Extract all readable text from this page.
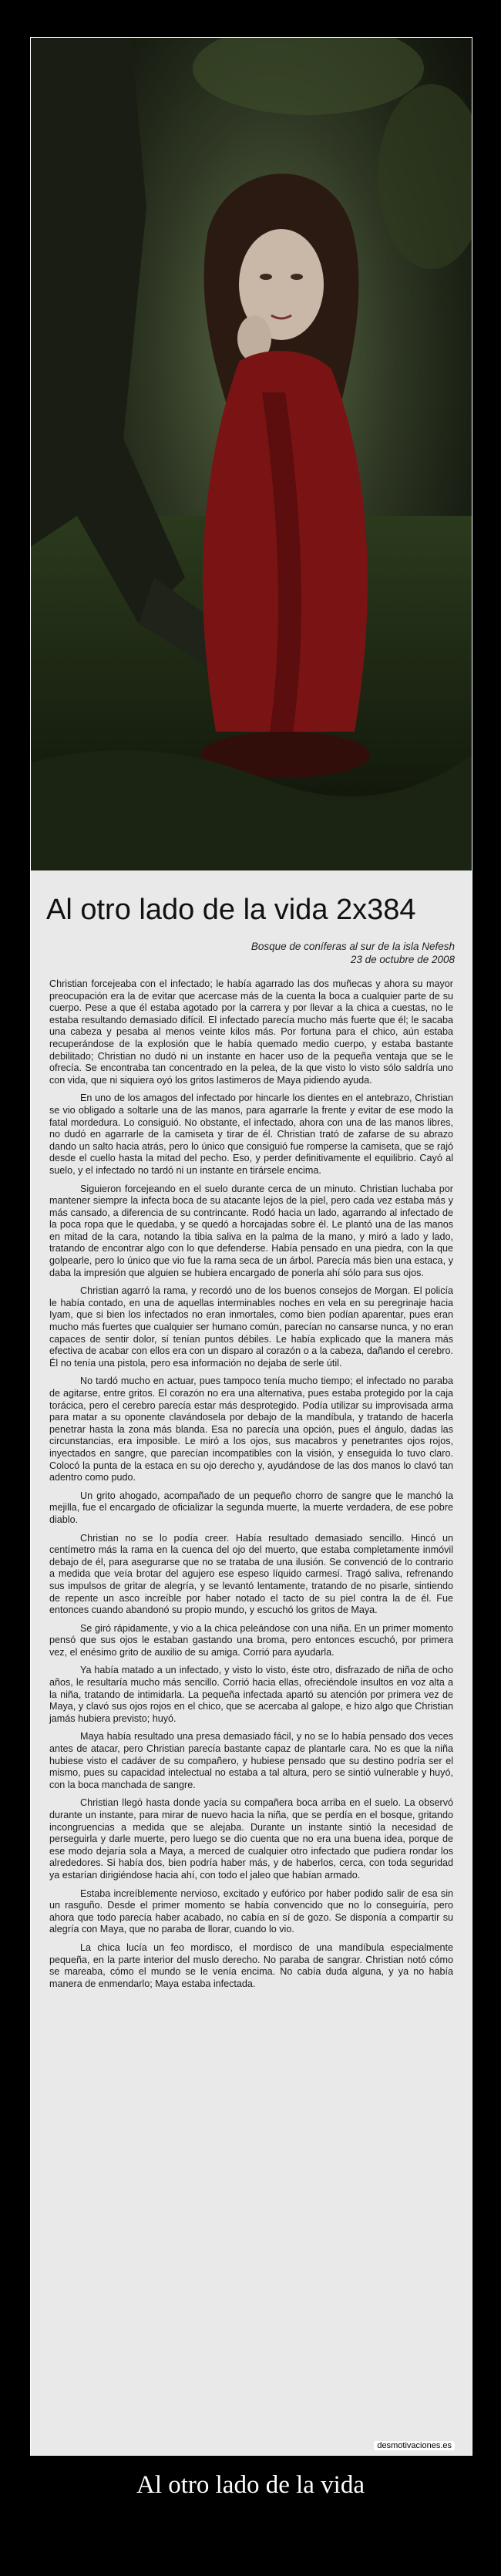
Al otro lado de la vida 2x384
Bosque de coníferas al sur de la isla Nefesh
23 de octubre de 2008

Christian forcejeaba con el infectado; le había agarrado las dos muñecas y ahora su mayor preocupación era la de evitar que acercase más de la cuenta la boca a cualquier parte de su cuerpo. Pese a que él estaba agotado por la carrera y por llevar a la chica a cuestas, no le estaba resultando demasiado difícil. El infectado parecía mucho más fuerte que él; le sacaba una cabeza y pesaba al menos veinte kilos más. Por fortuna para el chico, aún estaba recuperándose de la explosión que le había quemado medio cuerpo, y estaba bastante debilitado; Christian no dudó ni un instante en hacer uso de la pequeña ventaja que se le ofrecía. Se encontraba tan concentrado en la pelea, de la que visto lo visto sólo saldría uno con vida, que ni siquiera oyó los gritos lastimeros de Maya pidiendo ayuda.

En uno de los amagos del infectado por hincarle los dientes en el antebrazo, Christian se vio obligado a soltarle una de las manos, para agarrarle la frente y evitar de ese modo la fatal mordedura. Lo consiguió. No obstante, el infectado, ahora con una de las manos libres, no dudó en agarrarle de la camiseta y tirar de él. Christian trató de zafarse de su abrazo dando un salto hacia atrás, pero lo único que consiguió fue romperse la camiseta, que se rajó desde el cuello hasta la mitad del pecho. Eso, y perder definitivamente el equilibrio. Cayó al suelo, y el infectado no tardó ni un instante en tirársele encima.

Siguieron forcejeando en el suelo durante cerca de un minuto. Christian luchaba por mantener siempre la infecta boca de su atacante lejos de la piel, pero cada vez estaba más y más cansado, a diferencia de su contrincante. Rodó hacia un lado, agarrando al infectado de la poca ropa que le quedaba, y se quedó a horcajadas sobre él. Le plantó una de las manos en mitad de la cara, notando la tibia saliva en la palma de la mano, y miró a lado y lado, tratando de encontrar algo con lo que defenderse. Había pensado en una piedra, con la que golpearle, pero lo único que vio fue la rama seca de un árbol. Parecía más bien una estaca, y daba la impresión que alguien se hubiera encargado de ponerla ahí sólo para sus ojos.

Christian agarró la rama, y recordó uno de los buenos consejos de Morgan. El policía le había contado, en una de aquellas interminables noches en vela en su peregrinaje hacia Iyam, que si bien los infectados no eran inmortales, como bien podían aparentar, pues eran mucho más fuertes que cualquier ser humano común, parecían no cansarse nunca, y no eran capaces de sentir dolor, sí tenían puntos débiles. Le había explicado que la manera más efectiva de acabar con ellos era con un disparo al corazón o a la cabeza, dañando el cerebro. Él no tenía una pistola, pero esa información no dejaba de serle útil.

No tardó mucho en actuar, pues tampoco tenía mucho tiempo; el infectado no paraba de agitarse, entre gritos. El corazón no era una alternativa, pues estaba protegido por la caja torácica, pero el cerebro parecía estar más desprotegido. Podía utilizar su improvisada arma para matar a su oponente clavándosela por debajo de la mandíbula, y tratando de hacerla penetrar hasta la zona más blanda. Esa no parecía una opción, pues el ángulo, dadas las circunstancias, era imposible. Le miró a los ojos, sus macabros y penetrantes ojos rojos, inyectados en sangre, que parecían incompatibles con la visión, y enseguida lo tuvo claro. Colocó la punta de la estaca en su ojo derecho y, ayudándose de las dos manos lo clavó tan adentro como pudo.

Un grito ahogado, acompañado de un pequeño chorro de sangre que le manchó la mejilla, fue el encargado de oficializar la segunda muerte, la muerte verdadera, de ese pobre diablo.

Christian no se lo podía creer. Había resultado demasiado sencillo. Hincó un centímetro más la rama en la cuenca del ojo del muerto, que estaba completamente inmóvil debajo de él, para asegurarse que no se trataba de una ilusión. Se convenció de lo contrario a medida que veía brotar del agujero ese espeso líquido carmesí. Tragó saliva, refrenando sus impulsos de gritar de alegría, y se levantó lentamente, tratando de no pisarle, sintiendo de repente un asco increíble por haber notado el tacto de su piel contra la de él. Fue entonces cuando abandonó su propio mundo, y escuchó los gritos de Maya.

Se giró rápidamente, y vio a la chica peleándose con una niña. En un primer momento pensó que sus ojos le estaban gastando una broma, pero entonces escuchó, por primera vez, el enésimo grito de auxilio de su amiga. Corrió para ayudarla.

Ya había matado a un infectado, y visto lo visto, éste otro, disfrazado de niña de ocho años, le resultaría mucho más sencillo. Corrió hacia ellas, ofreciéndole insultos en voz alta a la niña, tratando de intimidarla. La pequeña infectada apartó su atención por primera vez de Maya, y clavó sus ojos rojos en el chico, que se acercaba al galope, e hizo algo que Christian jamás hubiera previsto; huyó.

Maya había resultado una presa demasiado fácil, y no se lo había pensado dos veces antes de atacar, pero Christian parecía bastante capaz de plantarle cara. No es que la niña hubiese visto el cadáver de su compañero, y hubiese pensado que su destino podría ser el mismo, pues su capacidad intelectual no estaba a tal altura, pero se sintió vulnerable y huyó, con la boca manchada de sangre.

Christian llegó hasta donde yacía su compañera boca arriba en el suelo. La observó durante un instante, para mirar de nuevo hacia la niña, que se perdía en el bosque, gritando incongruencias a medida que se alejaba. Durante un instante sintió la necesidad de perseguirla y darle muerte, pero luego se dio cuenta que no era una buena idea, porque de ese modo dejaría sola a Maya, a merced de cualquier otro infectado que pudiera rondar los alrededores. Si había dos, bien podría haber más, y de haberlos, cerca, con toda seguridad ya estarían dirigiéndose hacia ahí, con todo el jaleo que habían armado.

Estaba increíblemente nervioso, excitado y eufórico por haber podido salir de esa sin un rasguño. Desde el primer momento se había convencido que no lo conseguiría, pero ahora que todo parecía haber acabado, no cabía en sí de gozo. Se disponía a compartir su alegría con Maya, que no paraba de llorar, cuando lo vio.

La chica lucía un feo mordisco, el mordisco de una mandíbula especialmente pequeña, en la parte interior del muslo derecho. No paraba de sangrar. Christian notó cómo se mareaba, cómo el mundo se le venía encima. No cabía duda alguna, y ya no había manera de enmendarlo; Maya estaba infectada.

desmotivaciones.es
Al otro lado de la vida
